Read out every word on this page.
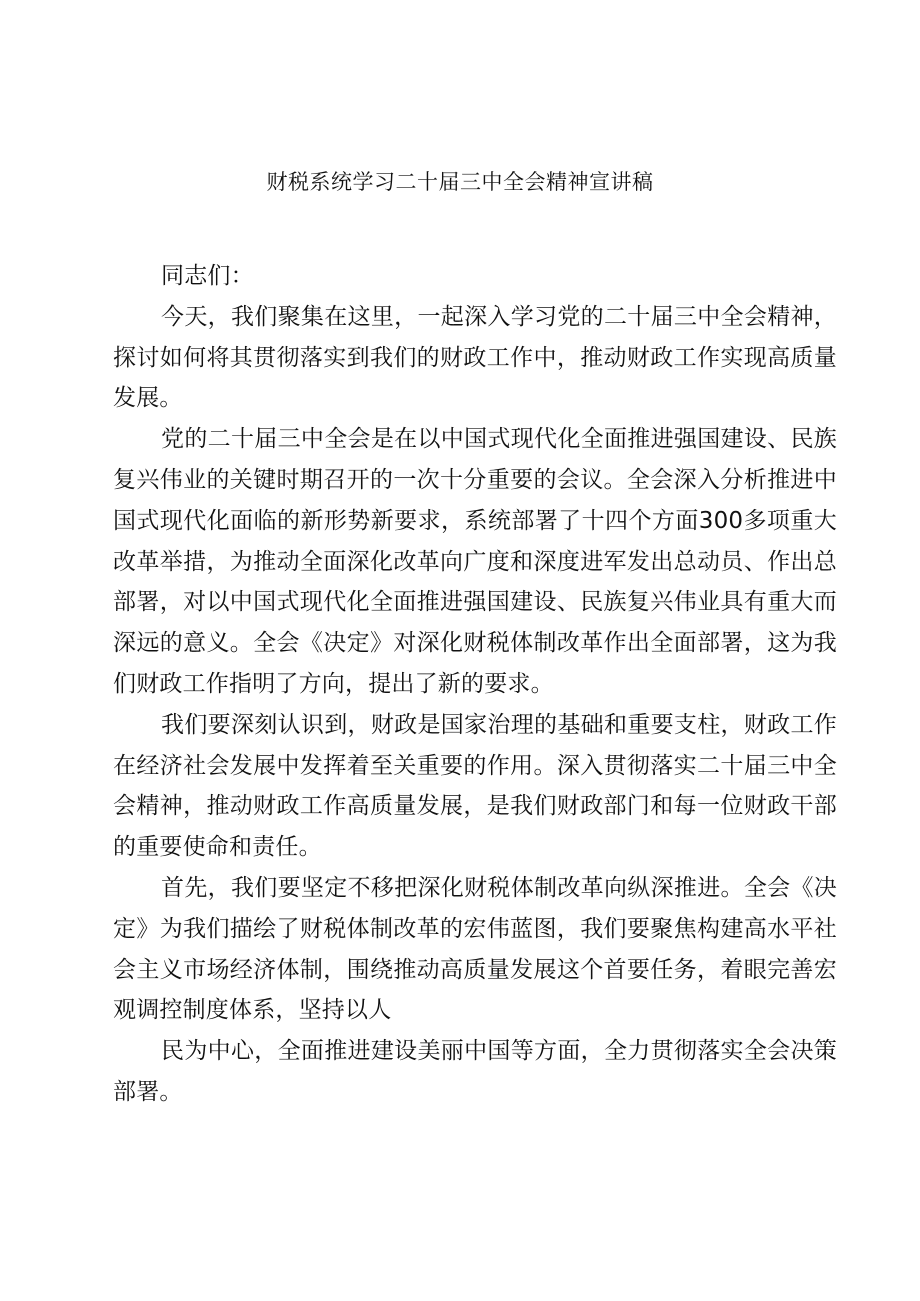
财税系统学习二十届三中全会精神宣讲稿

同志们：

今天，我们聚集在这里，一起深入学习党的二十届三中全会精神，探讨如何将其贯彻落实到我们的财政工作中，推动财政工作实现高质量发展。

党的二十届三中全会是在以中国式现代化全面推进强国建设、民族复兴伟业的关键时期召开的一次十分重要的会议。全会深入分析推进中国式现代化面临的新形势新要求，系统部署了十四个方面300多项重大改革举措，为推动全面深化改革向广度和深度进军发出总动员、作出总部署，对以中国式现代化全面推进强国建设、民族复兴伟业具有重大而深远的意义。全会《决定》对深化财税体制改革作出全面部署，这为我们财政工作指明了方向，提出了新的要求。

我们要深刻认识到，财政是国家治理的基础和重要支柱，财政工作在经济社会发展中发挥着至关重要的作用。深入贯彻落实二十届三中全会精神，推动财政工作高质量发展，是我们财政部门和每一位财政干部的重要使命和责任。

首先，我们要坚定不移把深化财税体制改革向纵深推进。全会《决定》为我们描绘了财税体制改革的宏伟蓝图，我们要聚焦构建高水平社会主义市场经济体制，围绕推动高质量发展这个首要任务，着眼完善宏观调控制度体系，坚持以人

民为中心，全面推进建设美丽中国等方面，全力贯彻落实全会决策部署。
